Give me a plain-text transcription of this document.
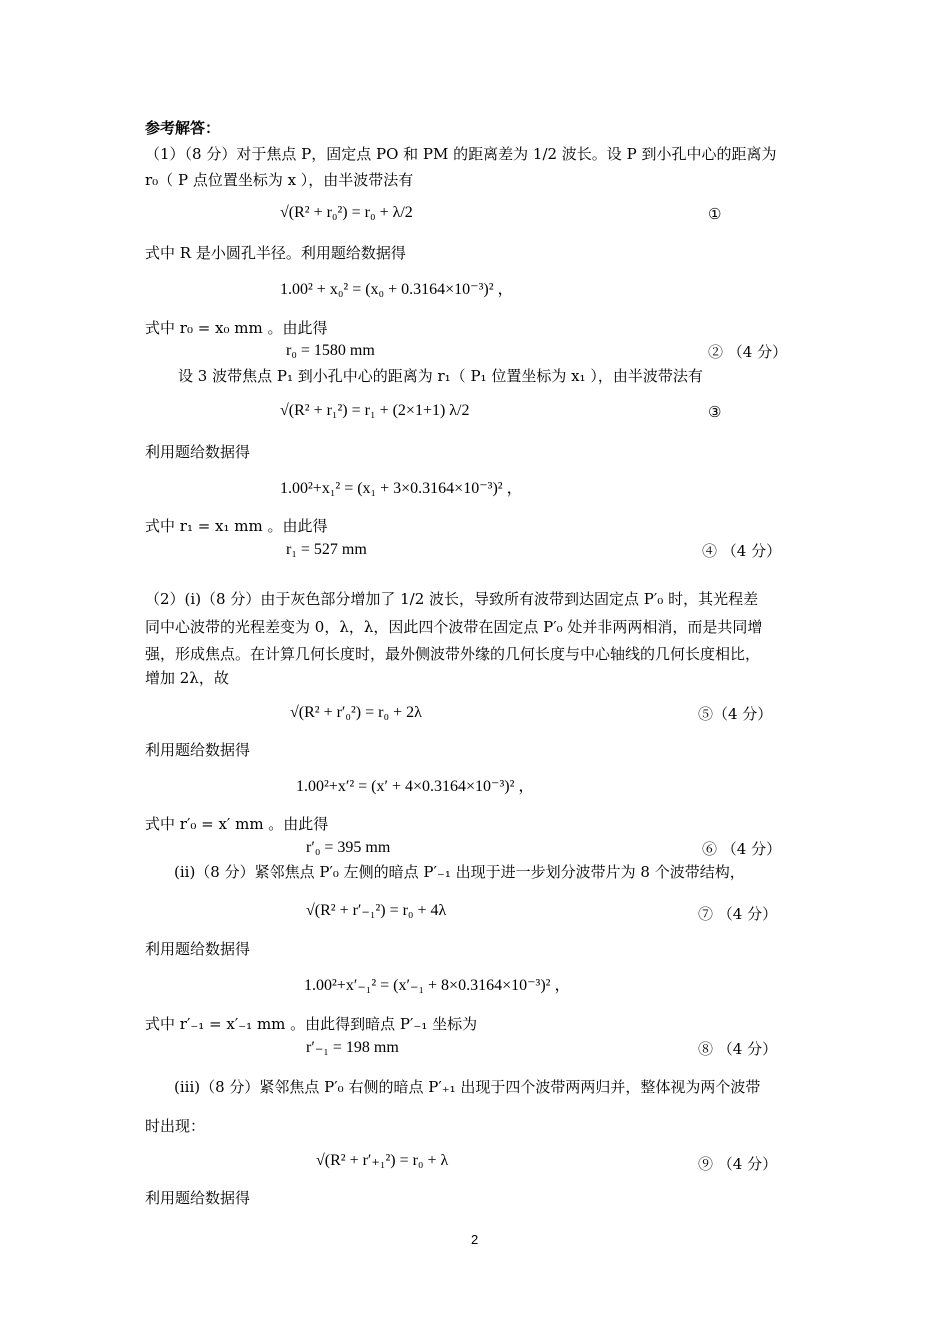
参考解答：
（1）（8 分）对于焦点 P，固定点 PO 和 PM 的距离差为 1/2 波长。设 P 到小孔中心的距离为
r₀（ P 点位置坐标为 x ），由半波带法有
√(R² + r₀²) = r₀ + λ/2	①
式中 R 是小圆孔半径。利用题给数据得
1.00² + x₀² = (x₀ + 0.3164×10⁻³)² ，
式中 r₀ = x₀ mm 。由此得
r₀ = 1580 mm	② （4 分）
设 3 波带焦点 P₁ 到小孔中心的距离为 r₁（ P₁ 位置坐标为 x₁ ），由半波带法有
√(R² + r₁²) = r₁ + (2×1+1) λ/2	③
利用题给数据得
1.00²+x₁² = (x₁ + 3×0.3164×10⁻³)² ，
式中 r₁ = x₁ mm 。由此得
r₁ = 527 mm	④ （4 分）
（2）(i)（8 分）由于灰色部分增加了 1/2 波长，导致所有波带到达固定点 P′₀ 时，其光程差
同中心波带的光程差变为 0，λ，λ，因此四个波带在固定点 P′₀ 处并非两两相消，而是共同增
强，形成焦点。在计算几何长度时，最外侧波带外缘的几何长度与中心轴线的几何长度相比，
增加 2λ，故
√(R² + r′₀²) = r₀ + 2λ	⑤（4 分）
利用题给数据得
1.00²+x′² = (x′ + 4×0.3164×10⁻³)² ，
式中 r′₀ = x′ mm 。由此得
r′₀ = 395 mm	⑥ （4 分）
(ii)（8 分）紧邻焦点 P′₀ 左侧的暗点 P′₋₁ 出现于进一步划分波带片为 8 个波带结构，
√(R² + r′₋₁²) = r₀ + 4λ	⑦ （4 分）
利用题给数据得
1.00²+x′₋₁² = (x′₋₁ + 8×0.3164×10⁻³)² ，
式中 r′₋₁ = x′₋₁ mm 。由此得到暗点 P′₋₁ 坐标为
r′₋₁ = 198 mm	⑧ （4 分）
(iii)（8 分）紧邻焦点 P′₀ 右侧的暗点 P′₊₁ 出现于四个波带两两归并，整体视为两个波带
时出现：
√(R² + r′₊₁²) = r₀ + λ	⑨ （4 分）
利用题给数据得
2
